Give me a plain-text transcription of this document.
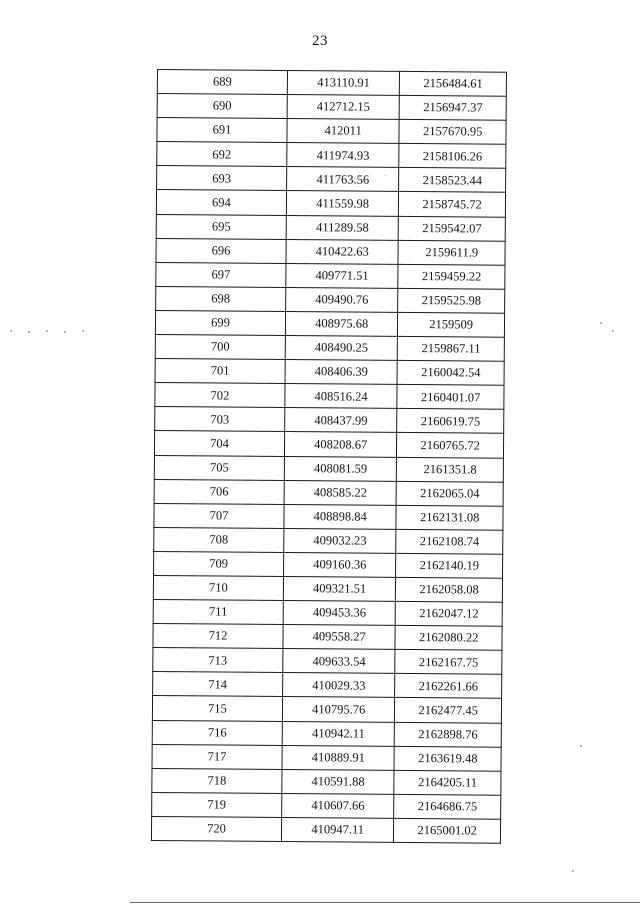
23
689	413110.91	2156484.61
690	412712.15	2156947.37
691	412011	2157670.95
692	411974.93	2158106.26
693	411763.56	2158523.44
694	411559.98	2158745.72
695	411289.58	2159542.07
696	410422.63	2159611.9
697	409771.51	2159459.22
698	409490.76	2159525.98
699	408975.68	2159509
700	408490.25	2159867.11
701	408406.39	2160042.54
702	408516.24	2160401.07
703	408437.99	2160619.75
704	408208.67	2160765.72
705	408081.59	2161351.8
706	408585.22	2162065.04
707	408898.84	2162131.08
708	409032.23	2162108.74
709	409160.36	2162140.19
710	409321.51	2162058.08
711	409453.36	2162047.12
712	409558.27	2162080.22
713	409633.54	2162167.75
714	410029.33	2162261.66
715	410795.76	2162477.45
716	410942.11	2162898.76
717	410889.91	2163619.48
718	410591.88	2164205.11
719	410607.66	2164686.75
720	410947.11	2165001.02
